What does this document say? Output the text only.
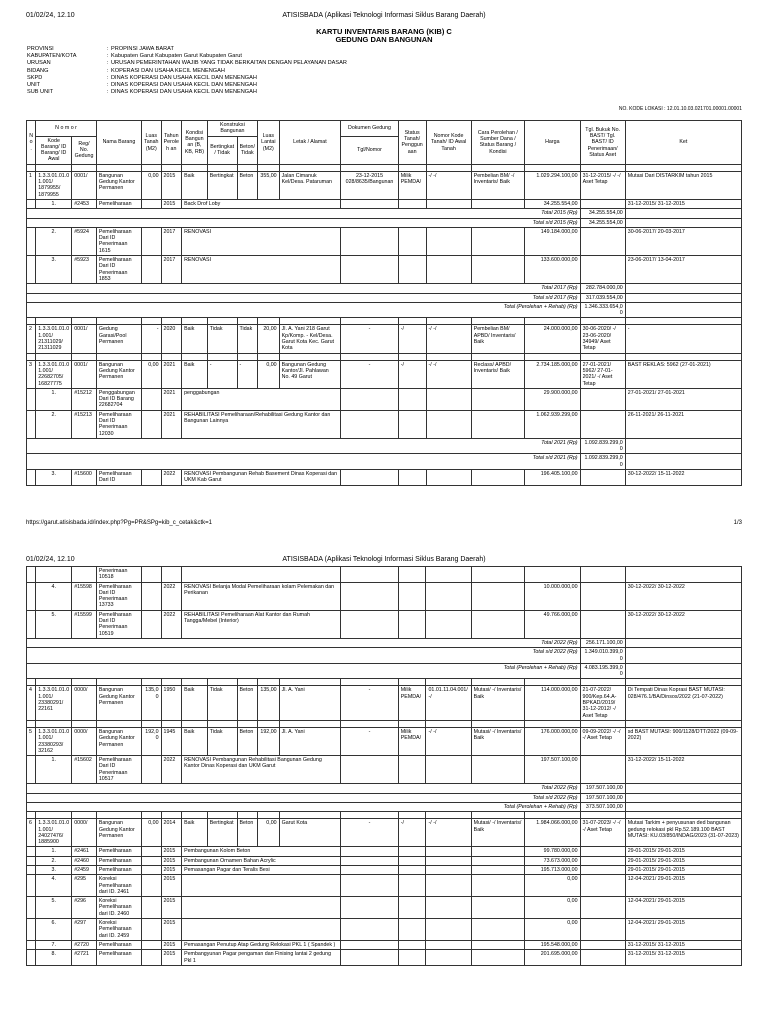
01/02/24, 12.10	ATISISBADA (Aplikasi Teknologi Informasi Siklus Barang Daerah)
KARTU INVENTARIS BARANG (KIB) C
GEDUNG DAN BANGUNAN
PROVINSI	: PROPINSI JAWA BARAT
KABUPATEN/KOTA	: Kabupaten Garut Kabupaten Garut Kabupaten Garut
URUSAN	: URUSAN PEMERINTAHAN WAJIB YANG TIDAK BERKAITAN DENGAN PELAYANAN DASAR
BIDANG	: KOPERASI DAN USAHA KECIL MENENGAH
SKPD	: DINAS KOPERASI DAN USAHA KECIL DAN MENENGAH
UNIT	: DINAS KOPERASI DAN USAHA KECIL DAN MENENGAH
SUB UNIT	: DINAS KOPERASI DAN USAHA KECIL DAN MENENGAH
NO. KODE LOKASI : 12.01.10.03.021701.00001.00001
No.	N o m o r		Nama Barang	Luas Tanah (M2)	Tahun Peroleh an	Kondisi Bangunan (B, KB, RB)	Konstruksi Bangunan		Luas Lantai (M2)	Letak / Alamat	Dokumen Gedung	Status Tanah/ Penggunaan	Nomor Kode Tanah/ ID Awal Tanah	Cara Perolehan / Sumber Dana / Status Barang / Kondisi	Harga	Tgl. Bukuk No. BAST/ Tgl. BAST/ ID Penerimaan/ Status Aset	Ket
	Kode Barang/ ID Barang/ ID Awal	Reg/ No. Gedung					Bertingkat/ Tidak	Beton/ Tidak			Tgl/Nomor						

1	1.3.3.01.01.01.001/ 1879955/ 1879955	0001/	Bangunan Gedung Kantor Permanen	0,00	2015	Baik	Bertingkat	Beton	355,00	Jalan Cimanuk Kel/Desa. Pataruman	23-12-2015 028/8635/Bangunan	Milik PEMDA/	-/ -/	Pembelian BM/ -/ Inventaris/ Baik	1.029.294.100,00	31-12-2015/ -/ -/ Aset Tetap	Mutasi Dari DISTARKIM tahun 2015
	1.	#2453	Pemeliharaan		2015	Back Drof Loby									34.255.554,00		31-12-2015/ 31-12-2015
Total 2015 (Rp)																34.255.554,00	
Total s/d 2015 (Rp)																34.255.554,00	
	2.	#5924	Pemeliharaan Dari ID Penerimaan 1615		2017	RENOVASI									149.184.000,00		30-06-2017/ 20-03-2017
	3.	#5923	Pemeliharaan Dari ID Penerimaan 1853		2017	RENOVASI									133.600.000,00		23-06-2017/ 13-04-2017
Total 2017 (Rp)																282.784.000,00	
Total s/d 2017 (Rp)																317.039.554,00	
Total (Perolehan + Rehab) (Rp)																1.346.333.654,00	

2	1.3.3.01.01.01.001/ 21311029/ 21311029	0001/	Gedung Garasi/Pool Permanen	-	2020	Baik	Tidak	Tidak	20,00	Jl. A. Yani 218 Garut Kp/Komp. - Kel/Desa. Garut Kota Kec. Garut Kota	-	-/	-/ -/	Pembelian BM/ APBD/ Inventaris/ Baik	24.000.000,00	30-06-2020/ -/ 23-06-2020/ 34949/ Aset Tetap	-

3	1.3.3.01.01.01.001/ 22682705/ 16827775	0001/	Bangunan Gedung Kantor Permanen	0,00	2021	Baik	-	-	0,00	Bangunan Gedung Kantor/Jl. Pahlawan No. 49 Garut	-	-/	-/ -/	Reclass/ APBD/ Inventaris/ Baik	2.734.185.000,00	27-01-2021/ 5962/ 27-01-2021/ -/ Aset Tetap	BAST REKLAS: 5962 (27-01-2021)
	1.	#15212	Penggabungan Dari ID Barang 22682704		2021	penggabungan									29.900.000,00		27-01-2021/ 27-01-2021
	2.	#15213	Pemeliharaan Dari ID Penerimaan 12030		2021	REHABILITASI Pemeliharaan/Rehabilitasi Gedung Kantor dan Bangunan Lainnya									1.062.939.299,00		26-11-2021/ 26-11-2021
Total 2021 (Rp)																1.092.839.299,00	
Total s/d 2021 (Rp)																1.092.839.299,00	
	3.	#15600	Pemeliharaan Dari ID		2022	RENOVASI Pembangunan Rehab Basement Dinas Koperasi dan UKM Kab Garut									196.405.100,00		30-12-2022/ 15-11-2022
https://garut.atisisbada.id/index.php?Pg=PR&SPg=kib_c_cetak&ctk=1	1/3
01/02/24, 12.10	ATISISBADA (Aplikasi Teknologi Informasi Siklus Barang Daerah)
			Penerimaan 10518														
	4.	#15598	Pemeliharaan Dari ID Penerimaan 13733		2022	RENOVASI Belanja Modal Pemeliharaan kolam Pelemakan dan Perikanan									10.000.000,00		30-12-2022/ 30-12-2022
	5.	#15599	Pemeliharaan Dari ID Penerimaan 10519		2022	REHABILITASI Pemeliharaan Alat Kantor dan Rumah Tangga/Mebel (Interior)									49.766.000,00		30-12-2022/ 30-12-2022
Total 2022 (Rp)																256.171.100,00	
Total s/d 2022 (Rp)																1.349.010.399,00	
Total (Perolehan + Rehab) (Rp)																4.083.195.399,00	

4	1.3.3.01.01.01.001/ 23380291/ 22161	0000/	Bangunan Gedung Kantor Permanen	135,00	1950	Baik	Tidak	Beton	135,00	Jl. A. Yani	-	Milik PEMDA/	01.01.11.04.001/ -/	Mutasi/ -/ Inventaris/ Baik	114.000.000,00	21-07-2022/ 900/Kep.64.A-BPKAD/2019/ 31-12-2012/ -/ Aset Tetap	Di Tempati Dinas Koprasi BAST MUTASI: 028/476.1/BA/Dinsos/2022 (21-07-2022)

5	1.3.3.01.01.01.001/ 23380293/ 32162	0000/	Bangunan Gedung Kantor Permanen	192,00	1945	Baik	Tidak	Beton	192,00	Jl. A. Yani	-	Milik PEMDA/	-/ -/	Mutasi/ -/ Inventaris/ Baik	176.000.000,00	09-09-2022/ -/ -/ -/ Aset Tetap	sd BAST MUTASI: 900/1128/DTT/2022 (09-09-2022)
	1.	#15602	Pemeliharaan Dari ID Penerimaan 10517		2022	RENOVASI Pembangunan Rehabilitasi Bangunan Gedung Kantor Dinas Koperasi dan UKM Garut									197.507.100,00		31-12-2022/ 15-11-2022
Total 2022 (Rp)																197.507.100,00	
Total s/d 2022 (Rp)																197.507.100,00	
Total (Perolehan + Rehab) (Rp)																373.507.100,00	

6	1.3.3.01.01.01.001/ 24027476/ 1885900	0000/	Bangunan Gedung Kantor Permanen	0,00	2014	Baik	Bertingkat	Beton	0,00	Garut Kota	-	-/	-/ -/	Mutasi/ -/ Inventaris/ Baik	1.984.066.000,00	31-07-2023/ -/ -/ -/ Aset Tetap	Mutasi Tarkim + penyusunan ded bangunan gedung relokasi pkl Rp.52.189.100 BAST MUTASI: KU.03/850/INDAG/2023 (31-07-2023)
	1.	#2461	Pemeliharaan		2015	Pembangunan Kolom Beton									99.780.000,00		29-01-2015/ 29-01-2015
	2.	#2460	Pemeliharaan		2015	Pembangunan Ornamen Bahan Acrylic									73.673.000,00		29-01-2015/ 29-01-2015
	3.	#2459	Pemeliharaan		2015	Pemasangan Pagar dan Teralis Besi									195.713.000,00		29-01-2015/ 29-01-2015
	4.	#295	Koreksi Pemeliharaan dari ID. 2461		2015										0,00		12-04-2021/ 29-01-2015
	5.	#296	Koreksi Pemeliharaan dari ID. 2460		2015										0,00		12-04-2021/ 29-01-2015
	6.	#297	Koreksi Pemeliharaan dari ID. 2459		2015										0,00		12-04-2021/ 29-01-2015
	7.	#2720	Pemeliharaan		2015	Pemasangan Penutup Atap Gedung Relokasi PKL 1 ( Spandek )									195.548.000,00		31-12-2015/ 31-12-2015
	8.	#2721	Pemeliharaan		2015	Pembangyunan Pagar pengaman dan Finising lantai 2 gedung Pkl 1									201.695.000,00		31-12-2015/ 31-12-2015
